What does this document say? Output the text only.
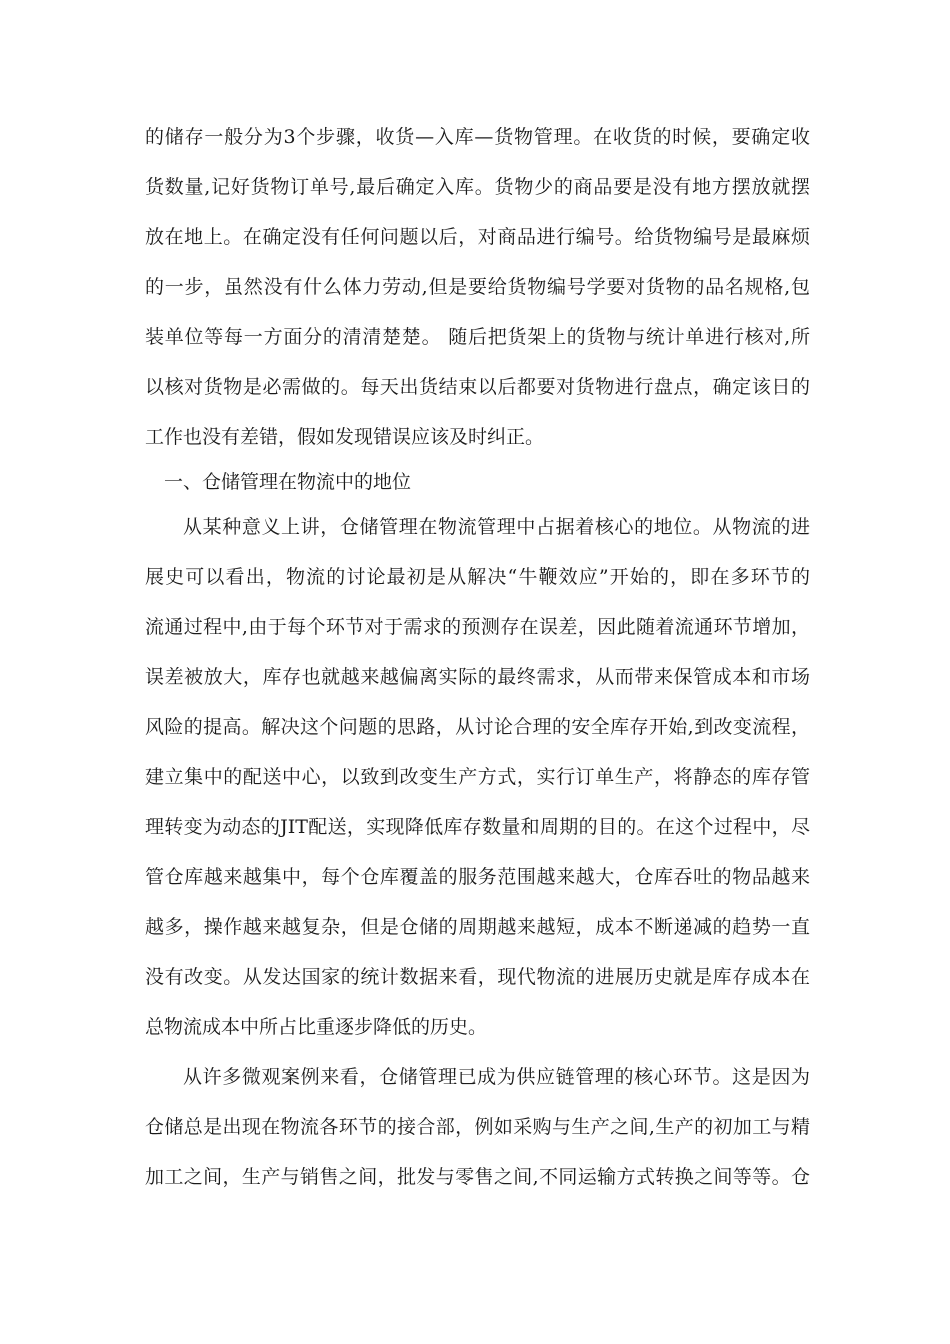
的储存一般分为3个步骤，收货—入库—货物管理。在收货的时候，要确定收
货数量,记好货物订单号,最后确定入库。货物少的商品要是没有地方摆放就摆
放在地上。在确定没有任何问题以后，对商品进行编号。给货物编号是最麻烦
的一步，虽然没有什么体力劳动,但是要给货物编号学要对货物的品名规格,包
装单位等每一方面分的清清楚楚。 随后把货架上的货物与统计单进行核对,所
以核对货物是必需做的。每天出货结束以后都要对货物进行盘点，确定该日的
工作也没有差错，假如发现错误应该及时纠正。
一、仓储管理在物流中的地位
从某种意义上讲，仓储管理在物流管理中占据着核心的地位。从物流的进
展史可以看出，物流的讨论最初是从解决“牛鞭效应”开始的，即在多环节的
流通过程中,由于每个环节对于需求的预测存在误差，因此随着流通环节增加，
误差被放大，库存也就越来越偏离实际的最终需求，从而带来保管成本和市场
风险的提高。解决这个问题的思路，从讨论合理的安全库存开始,到改变流程，
建立集中的配送中心，以致到改变生产方式，实行订单生产，将静态的库存管
理转变为动态的JIT配送，实现降低库存数量和周期的目的。在这个过程中，尽
管仓库越来越集中，每个仓库覆盖的服务范围越来越大，仓库吞吐的物品越来
越多，操作越来越复杂，但是仓储的周期越来越短，成本不断递减的趋势一直
没有改变。从发达国家的统计数据来看，现代物流的进展历史就是库存成本在
总物流成本中所占比重逐步降低的历史。
从许多微观案例来看，仓储管理已成为供应链管理的核心环节。这是因为
仓储总是出现在物流各环节的接合部，例如采购与生产之间,生产的初加工与精
加工之间，生产与销售之间，批发与零售之间,不同运输方式转换之间等等。仓
